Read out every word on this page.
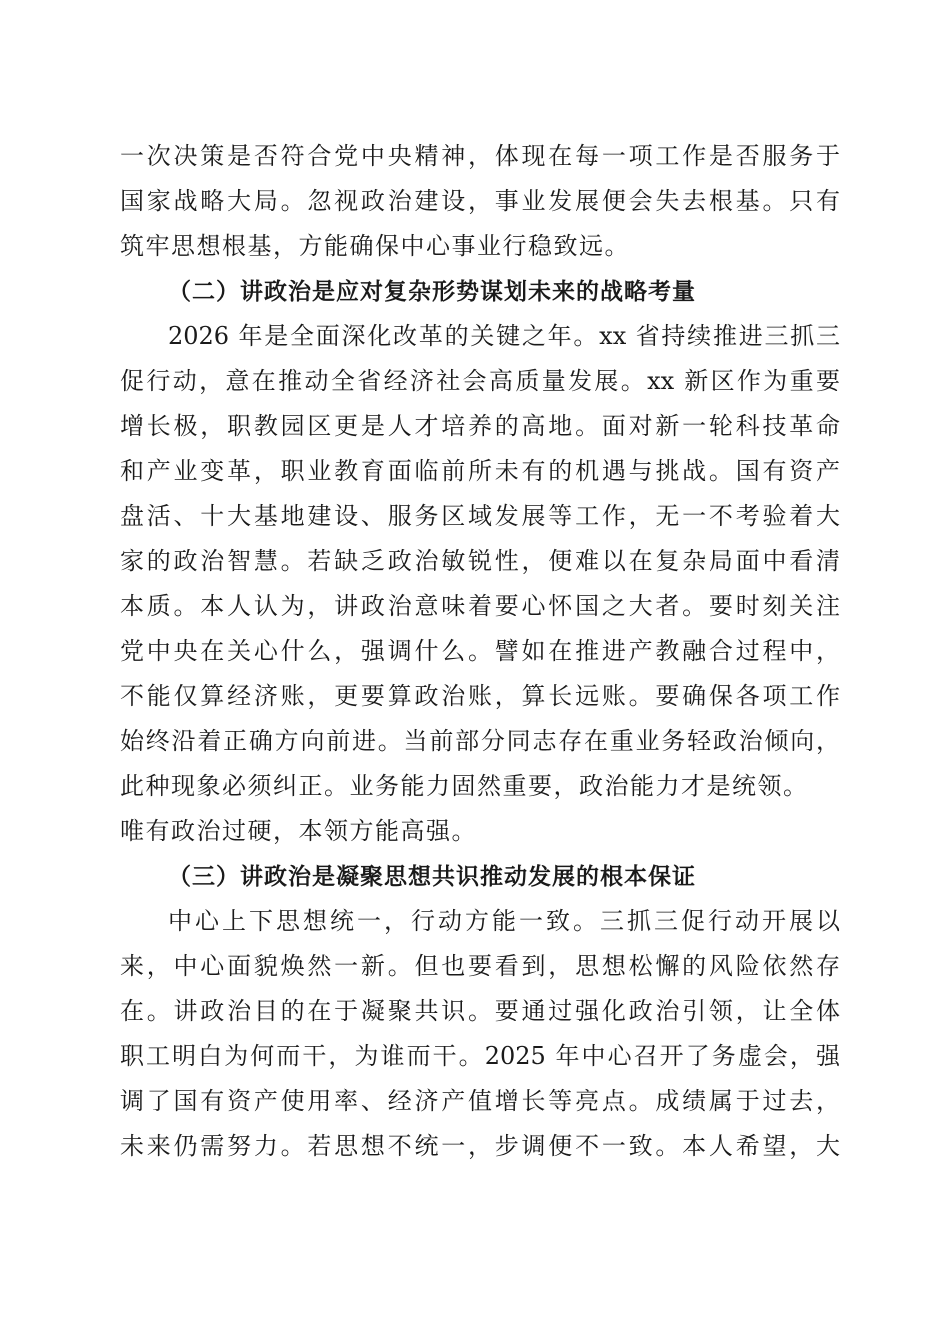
一次决策是否符合党中央精神，体现在每一项工作是否服务于
国家战略大局。忽视政治建设，事业发展便会失去根基。只有
筑牢思想根基，方能确保中心事业行稳致远。
（二）讲政治是应对复杂形势谋划未来的战略考量
2026 年是全面深化改革的关键之年。xx 省持续推进三抓三
促行动，意在推动全省经济社会高质量发展。xx 新区作为重要
增长极，职教园区更是人才培养的高地。面对新一轮科技革命
和产业变革，职业教育面临前所未有的机遇与挑战。国有资产
盘活、十大基地建设、服务区域发展等工作，无一不考验着大
家的政治智慧。若缺乏政治敏锐性，便难以在复杂局面中看清
本质。本人认为，讲政治意味着要心怀国之大者。要时刻关注
党中央在关心什么，强调什么。譬如在推进产教融合过程中，
不能仅算经济账，更要算政治账，算长远账。要确保各项工作
始终沿着正确方向前进。当前部分同志存在重业务轻政治倾向，
此种现象必须纠正。业务能力固然重要，政治能力才是统领。
唯有政治过硬，本领方能高强。
（三）讲政治是凝聚思想共识推动发展的根本保证
中心上下思想统一，行动方能一致。三抓三促行动开展以
来，中心面貌焕然一新。但也要看到，思想松懈的风险依然存
在。讲政治目的在于凝聚共识。要通过强化政治引领，让全体
职工明白为何而干，为谁而干。2025 年中心召开了务虚会，强
调了国有资产使用率、经济产值增长等亮点。成绩属于过去，
未来仍需努力。若思想不统一，步调便不一致。本人希望，大
